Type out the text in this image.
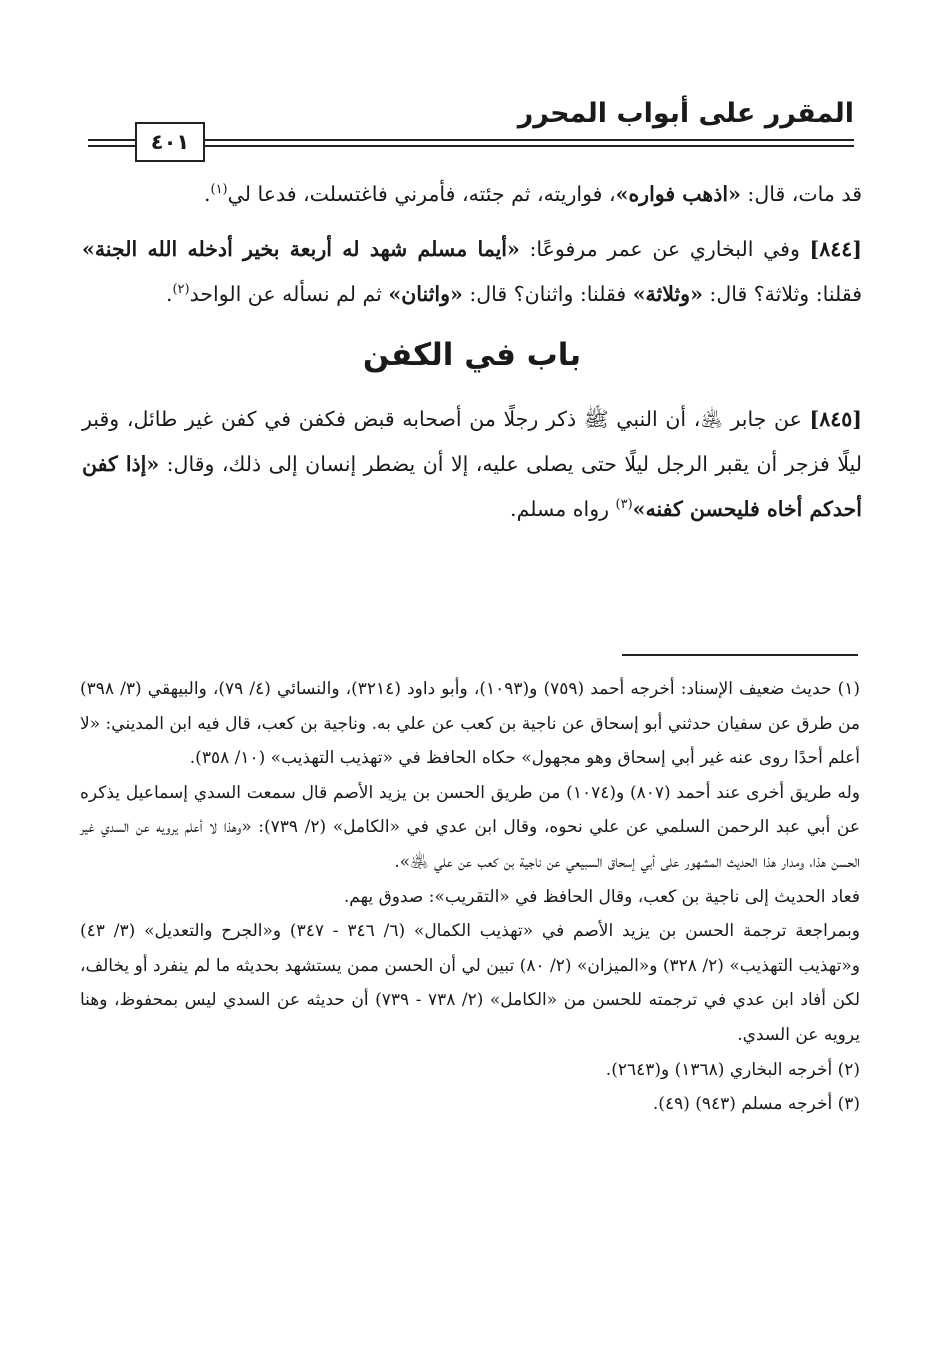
المقرر على أبواب المحرر
٤٠١

قد مات، قال: «اذهب فواره»، فواريته، ثم جئته، فأمرني فاغتسلت، فدعا لي$^{(١)}$.

[٨٤٤] وفي البخاري عن عمر مرفوعًا: «أيما مسلم شهد له أربعة بخير أدخله الله الجنة» فقلنا: وثلاثة؟ قال: «وثلاثة» فقلنا: واثنان؟ قال: «واثنان» ثم لم نسأله عن الواحد$^{(٢)}$.

باب في الكفن

[٨٤٥] عن جابر ﵁، أن النبي ﷺ ذكر رجلًا من أصحابه قبض فكفن في كفن غير طائل، وقبر ليلًا فزجر أن يقبر الرجل ليلًا حتى يصلى عليه، إلا أن يضطر إنسان إلى ذلك، وقال: «إذا كفن أحدكم أخاه فليحسن كفنه»$^{(٣)}$ رواه مسلم.

(١) حديث ضعيف الإسناد: أخرجه أحمد (٧٥٩) و(١٠٩٣)، وأبو داود (٣٢١٤)، والنسائي (٤/ ٧٩)، والبيهقي (٣/ ٣٩٨) من طرق عن سفيان حدثني أبو إسحاق عن ناجية بن كعب عن علي به. وناجية بن كعب، قال فيه ابن المديني: «لا أعلم أحدًا روى عنه غير أبي إسحاق وهو مجهول» حكاه الحافظ في «تهذيب التهذيب» (١٠/ ٣٥٨).

وله طريق أخرى عند أحمد (٨٠٧) و(١٠٧٤) من طريق الحسن بن يزيد الأصم قال سمعت السدي إسماعيل يذكره عن أبي عبد الرحمن السلمي عن علي نحوه، وقال ابن عدي في «الكامل» (٢/ ٧٣٩): «وهذا لا أعلم يرويه عن السدي غير الحسن هذا، ومدار هذا الحديث المشهور على أبي إسحاق السبيعي عن ناجية بن كعب عن علي ﵁».

فعاد الحديث إلى ناجية بن كعب، وقال الحافظ في «التقريب»: صدوق يهم.

وبمراجعة ترجمة الحسن بن يزيد الأصم في «تهذيب الكمال» (٦/ ٣٤٦ - ٣٤٧) و«الجرح والتعديل» (٣/ ٤٣) و«تهذيب التهذيب» (٢/ ٣٢٨) و«الميزان» (٢/ ٨٠) تبين لي أن الحسن ممن يستشهد بحديثه ما لم ينفرد أو يخالف، لكن أفاد ابن عدي في ترجمته للحسن من «الكامل» (٢/ ٧٣٨ - ٧٣٩) أن حديثه عن السدي ليس بمحفوظ، وهنا يرويه عن السدي.

(٢) أخرجه البخاري (١٣٦٨) و(٢٦٤٣).

(٣) أخرجه مسلم (٩٤٣) (٤٩).
